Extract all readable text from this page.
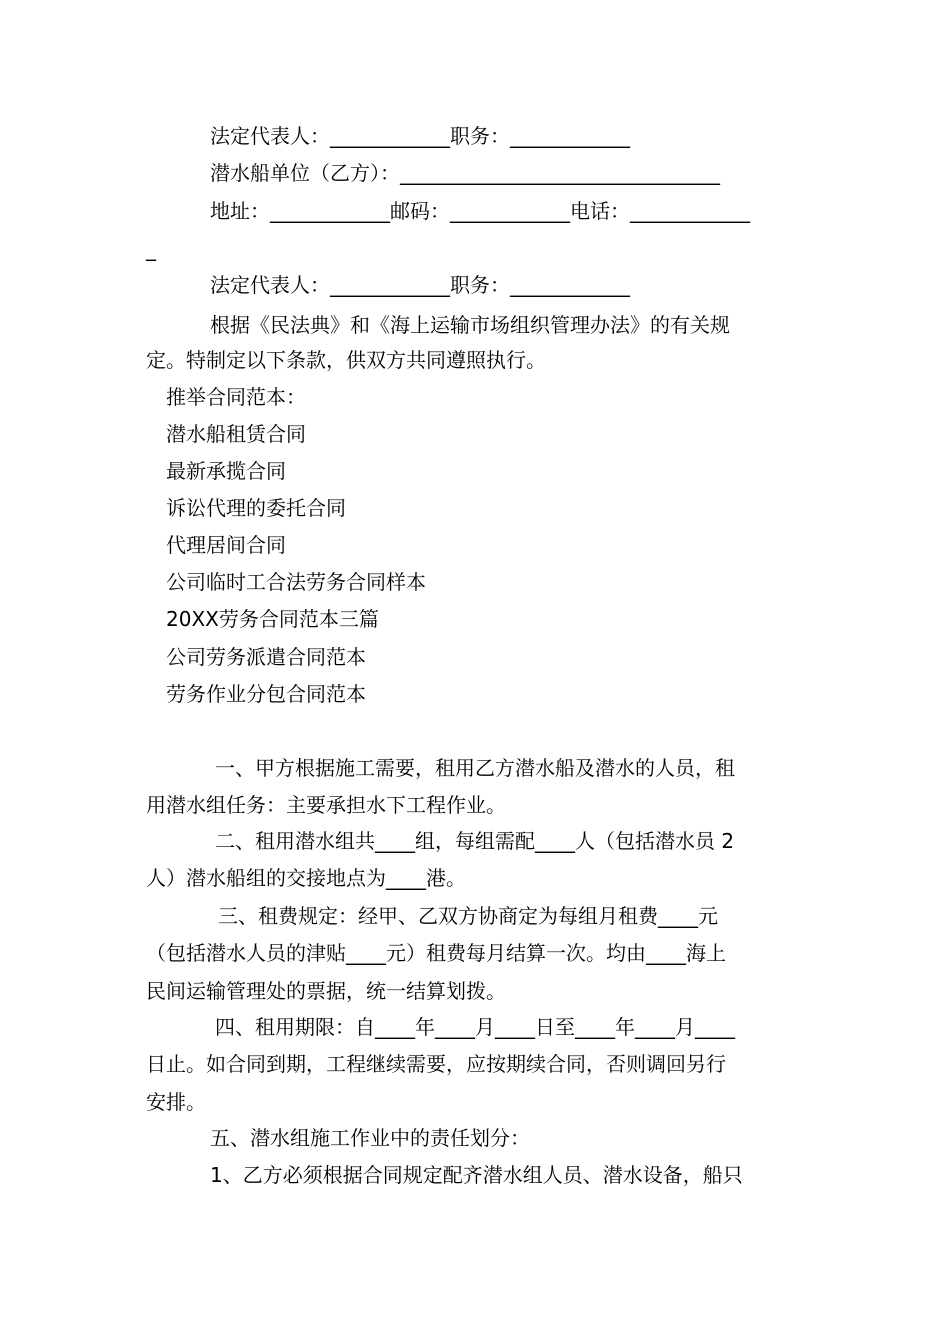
法定代表人：____________职务：____________
潜水船单位（乙方）：________________________________
地址：____________邮码：____________电话：____________
_
法定代表人：____________职务：____________
根据《民法典》和《海上运输市场组织管理办法》的有关规
定。特制定以下条款，供双方共同遵照执行。
推举合同范本：
潜水船租赁合同
最新承揽合同
诉讼代理的委托合同
代理居间合同
公司临时工合法劳务合同样本
20XX劳务合同范本三篇
公司劳务派遣合同范本
劳务作业分包合同范本
一、甲方根据施工需要，租用乙方潜水船及潜水的人员，租
用潜水组任务：主要承担水下工程作业。
二、租用潜水组共____组，每组需配____人（包括潜水员 2
人）潜水船组的交接地点为____港。
三、租费规定：经甲、乙双方协商定为每组月租费____元
（包括潜水人员的津贴____元）租费每月结算一次。均由____海上
民间运输管理处的票据，统一结算划拨。
四、租用期限：自____年____月____日至____年____月____
日止。如合同到期，工程继续需要，应按期续合同，否则调回另行
安排。
五、潜水组施工作业中的责任划分：
1、乙方必须根据合同规定配齐潜水组人员、潜水设备，船只
